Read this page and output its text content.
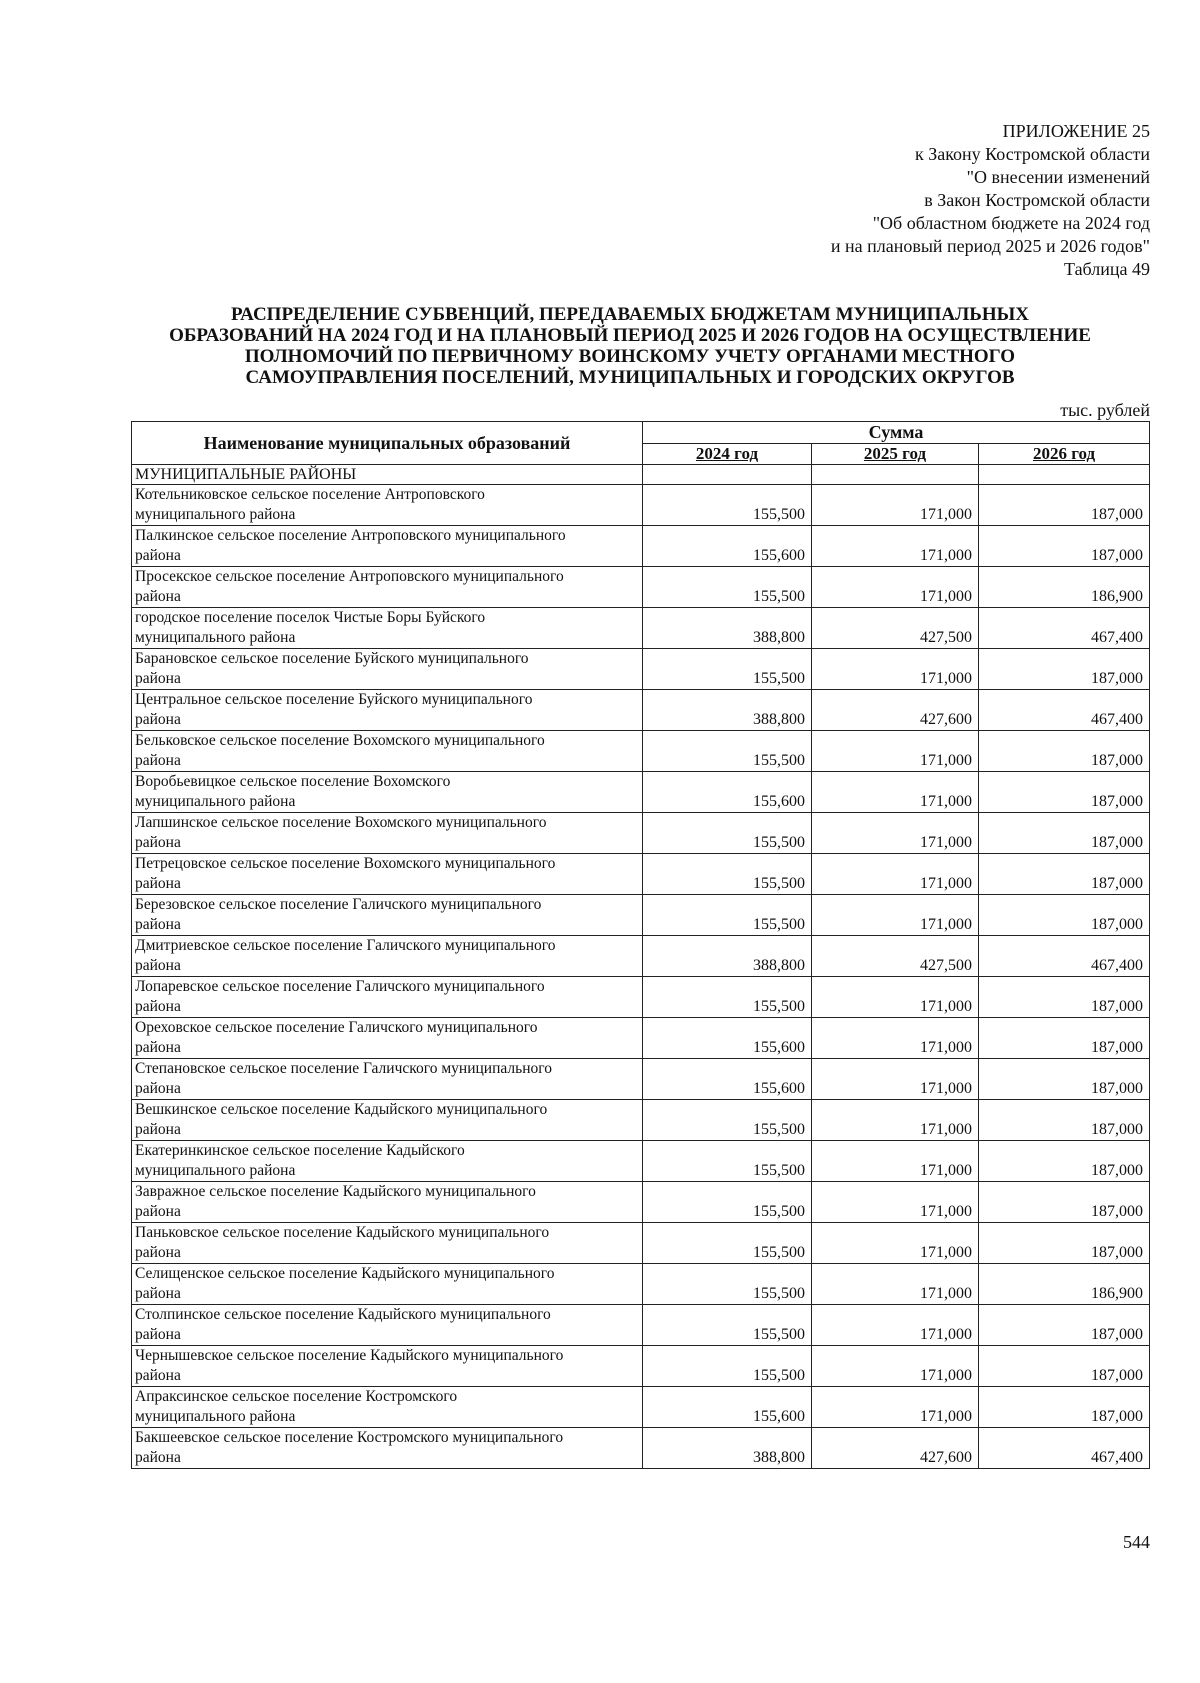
ПРИЛОЖЕНИЕ 25
к Закону Костромской области
"О внесении изменений
в Закон Костромской области
"Об областном бюджете на 2024 год
и на плановый период 2025 и 2026 годов"
Таблица 49
РАСПРЕДЕЛЕНИЕ СУБВЕНЦИЙ, ПЕРЕДАВАЕМЫХ БЮДЖЕТАМ МУНИЦИПАЛЬНЫХ
ОБРАЗОВАНИЙ НА 2024 ГОД И НА ПЛАНОВЫЙ ПЕРИОД 2025 И 2026 ГОДОВ НА ОСУЩЕСТВЛЕНИЕ
ПОЛНОМОЧИЙ ПО ПЕРВИЧНОМУ ВОИНСКОМУ УЧЕТУ ОРГАНАМИ МЕСТНОГО
САМОУПРАВЛЕНИЯ ПОСЕЛЕНИЙ, МУНИЦИПАЛЬНЫХ И ГОРОДСКИХ ОКРУГОВ
тыс. рублей
Наименование муниципальных образований	Сумма		
	2024 год	2025 год	2026 год
МУНИЦИПАЛЬНЫЕ РАЙОНЫ			

Котельниковское сельское поселение Антроповского
муниципального района	155,500	171,000	187,000

Палкинское сельское поселение Антроповского муниципального
района	155,600	171,000	187,000

Просекское сельское поселение Антроповского муниципального
района	155,500	171,000	186,900

городское поселение поселок Чистые Боры Буйского
муниципального района	388,800	427,500	467,400

Барановское сельское поселение Буйского муниципального
района	155,500	171,000	187,000

Центральное сельское поселение Буйского муниципального
района	388,800	427,600	467,400

Бельковское сельское поселение Вохомского муниципального
района	155,500	171,000	187,000

Воробьевицкое сельское поселение Вохомского
муниципального района	155,600	171,000	187,000

Лапшинское сельское поселение Вохомского муниципального
района	155,500	171,000	187,000

Петрецовское сельское поселение Вохомского муниципального
района	155,500	171,000	187,000

Березовское сельское поселение Галичского муниципального
района	155,500	171,000	187,000

Дмитриевское сельское поселение Галичского муниципального
района	388,800	427,500	467,400

Лопаревское сельское поселение Галичского муниципального
района	155,500	171,000	187,000

Ореховское сельское поселение Галичского муниципального
района	155,600	171,000	187,000

Степановское сельское поселение Галичского муниципального
района	155,600	171,000	187,000

Вешкинское сельское поселение Кадыйского муниципального
района	155,500	171,000	187,000

Екатеринкинское сельское поселение Кадыйского
муниципального района	155,500	171,000	187,000

Завражное сельское поселение Кадыйского муниципального
района	155,500	171,000	187,000

Паньковское сельское поселение Кадыйского муниципального
района	155,500	171,000	187,000

Селищенское сельское поселение Кадыйского муниципального
района	155,500	171,000	186,900

Столпинское сельское поселение Кадыйского муниципального
района	155,500	171,000	187,000

Чернышевское сельское поселение Кадыйского муниципального
района	155,500	171,000	187,000

Апраксинское сельское поселение Костромского
муниципального района	155,600	171,000	187,000

Бакшеевское сельское поселение Костромского муниципального
района	388,800	427,600	467,400
544
